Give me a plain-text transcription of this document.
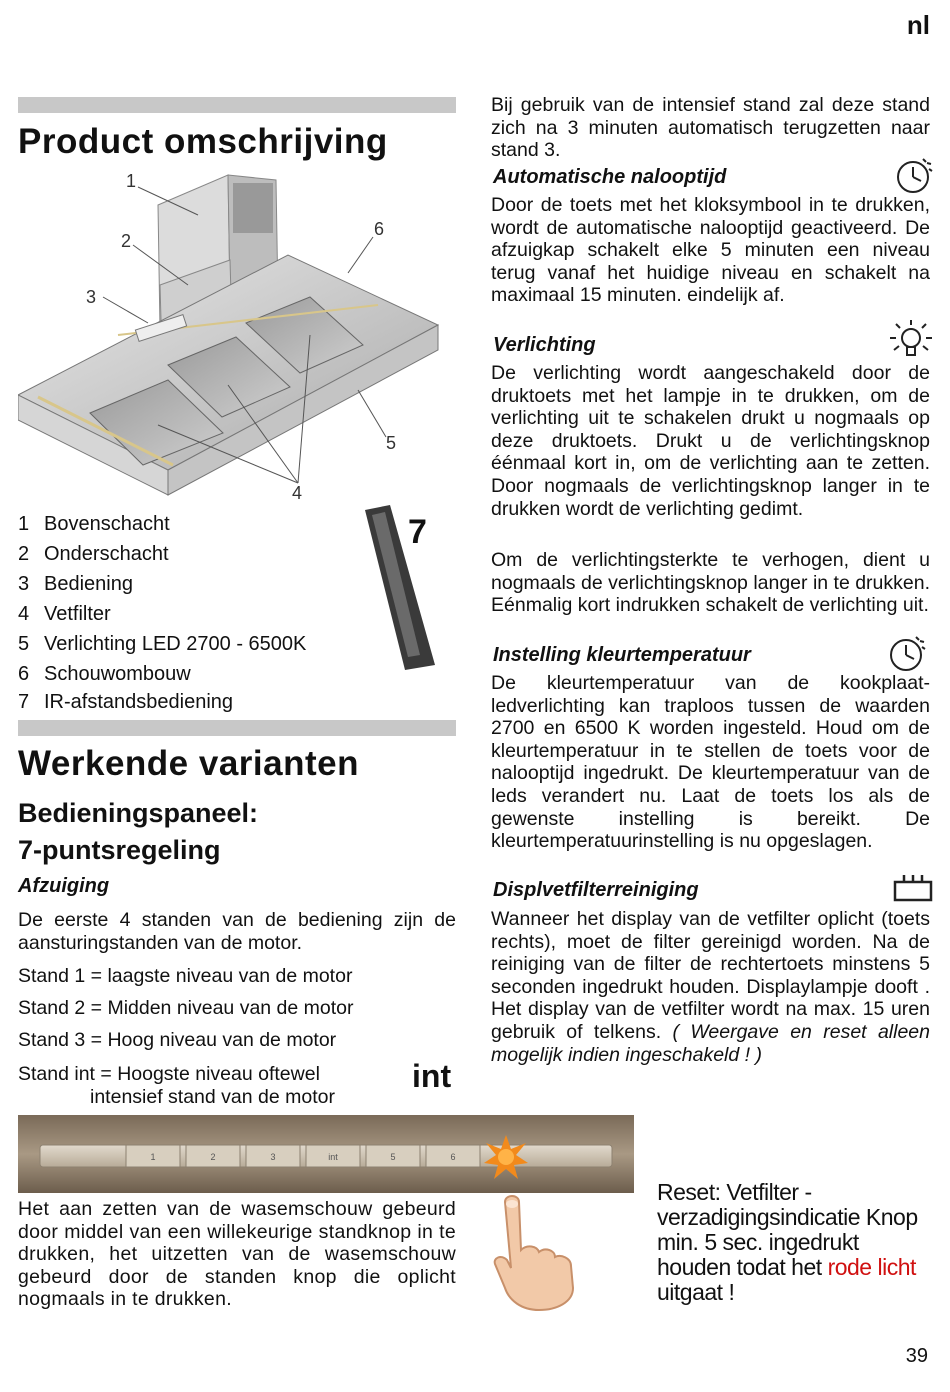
nl
Product omschrijving
1
2
3
4
5
6
1 Bovenschacht
2 Onderschacht
3 Bediening
4 Vetfilter
5 Verlichting LED 2700 - 6500K
6 Schouwombouw
7 IR-afstandsbediening
7
Werkende varianten
Bedieningspaneel:
7-puntsregeling
Afzuiging
De eerste 4 standen van de bediening zijn de aansturingstanden van de motor.
Stand 1 = laagste niveau van de motor
Stand 2 = Midden niveau van de motor
Stand 3 = Hoog niveau van de motor
Stand int = Hoogste niveau oftewel
intensief stand van de motor
int
1	2	3	int	5	6
Het aan zetten van de wasemschouw gebeurd door middel van een willekeurige standknop in te drukken, het uitzetten van de wasemschouw gebeurd door de standen knop die oplicht nogmaals in te drukken.
Bij gebruik van de intensief stand zal deze stand zich na 3 minuten automatisch terugzetten naar stand 3.
Automatische nalooptijd
Door de toets met het kloksymbool in te drukken, wordt de automatische nalooptijd geactiveerd. De afzuigkap schakelt elke 5 minuten een niveau terug vanaf het huidige niveau en schakelt na maximaal 15 minuten. eindelijk af.
Verlichting
De verlichting wordt aangeschakeld door de druktoets met het lampje in te drukken, om de verlichting uit te schakelen drukt u nogmaals op deze druktoets. Drukt u de verlichtingsknop éénmaal kort in, om de verlichting aan te zetten. Door nogmaals de verlichtingsknop langer in te drukken wordt de verlichting gedimt.
Om de verlichtingsterkte te verhogen, dient u nogmaals de verlichtingsknop langer in te drukken. Eénmalig kort indrukken schakelt de verlichting uit.
Instelling kleurtemperatuur
De kleurtemperatuur van de kookplaat-ledverlichting kan traploos tussen de waarden 2700 en 6500 K worden ingesteld. Houd om de kleurtemperatuur in te stellen de toets voor de nalooptijd ingedrukt. De kleurtemperatuur van de leds verandert nu. Laat de toets los als de gewenste instelling is bereikt. De kleurtemperatuurinstelling is nu opgeslagen.
Displvetfilterreiniging
Wanneer het display van de vetfilter oplicht (toets rechts), moet de filter gereinigd worden. Na de reiniging van de filter de rechtertoets minstens 5 seconden ingedrukt houden. Displaylampje dooft . Het display van de vetfilter wordt na max. 15 uren gebruik of telkens. ( Weergave en reset alleen mogelijk indien ingeschakeld ! )
Reset: Vetfilter - verzadigingsindicatie Knop min. 5 sec. ingedrukt houden todat het rode licht uitgaat !
39
